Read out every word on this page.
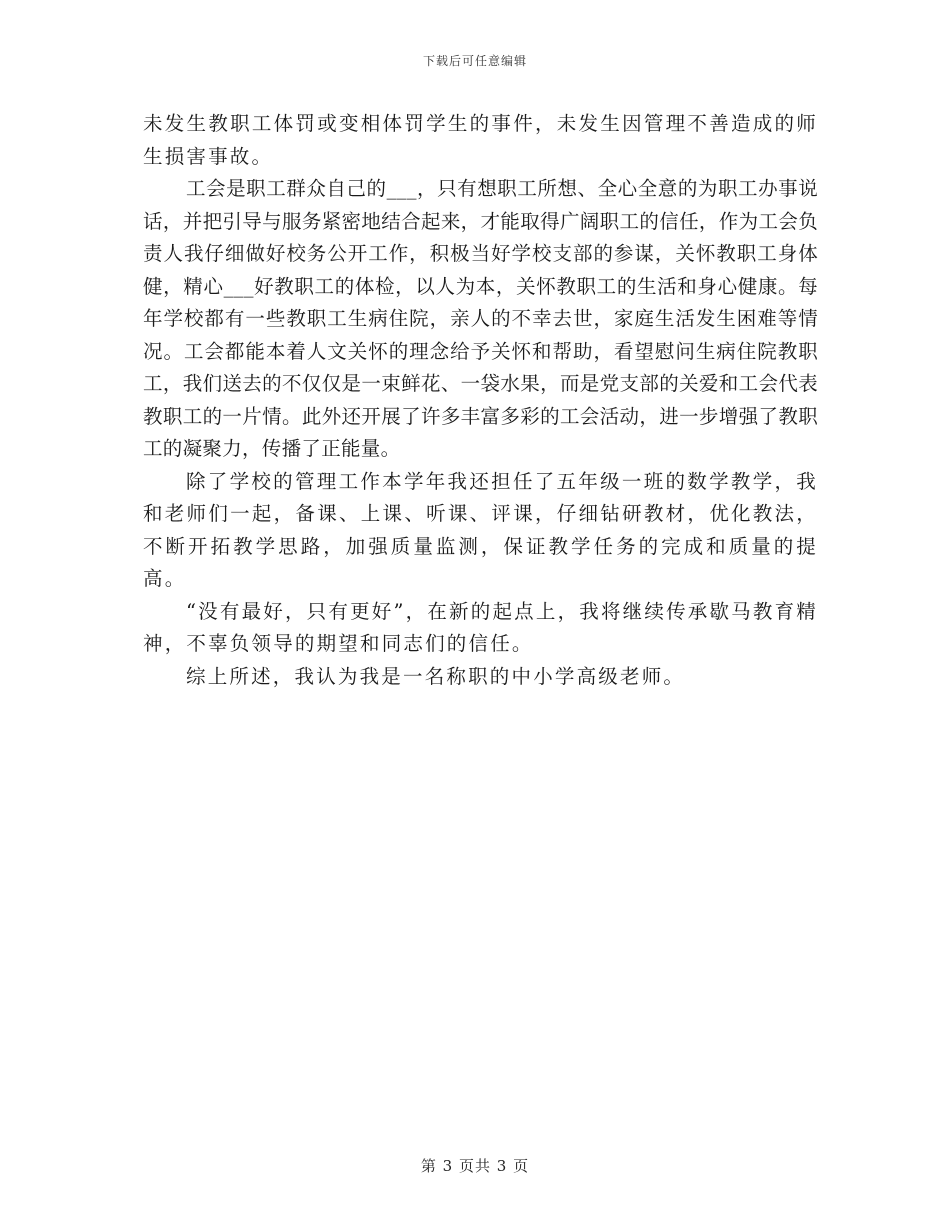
下载后可任意编辑

未发生教职工体罚或变相体罚学生的事件，未发生因管理不善造成的师生损害事故。

工会是职工群众自己的___，只有想职工所想、全心全意的为职工办事说话，并把引导与服务紧密地结合起来，才能取得广阔职工的信任，作为工会负责人我仔细做好校务公开工作，积极当好学校支部的参谋，关怀教职工身体健，精心___好教职工的体检，以人为本，关怀教职工的生活和身心健康。每年学校都有一些教职工生病住院，亲人的不幸去世，家庭生活发生困难等情况。工会都能本着人文关怀的理念给予关怀和帮助，看望慰问生病住院教职工，我们送去的不仅仅是一束鲜花、一袋水果，而是党支部的关爱和工会代表教职工的一片情。此外还开展了许多丰富多彩的工会活动，进一步增强了教职工的凝聚力，传播了正能量。

除了学校的管理工作本学年我还担任了五年级一班的数学教学，我和老师们一起，备课、上课、听课、评课，仔细钻研教材，优化教法，不断开拓教学思路，加强质量监测，保证教学任务的完成和质量的提高。

“没有最好，只有更好”，在新的起点上，我将继续传承歇马教育精神，不辜负领导的期望和同志们的信任。

综上所述，我认为我是一名称职的中小学高级老师。

第 3 页共 3 页
